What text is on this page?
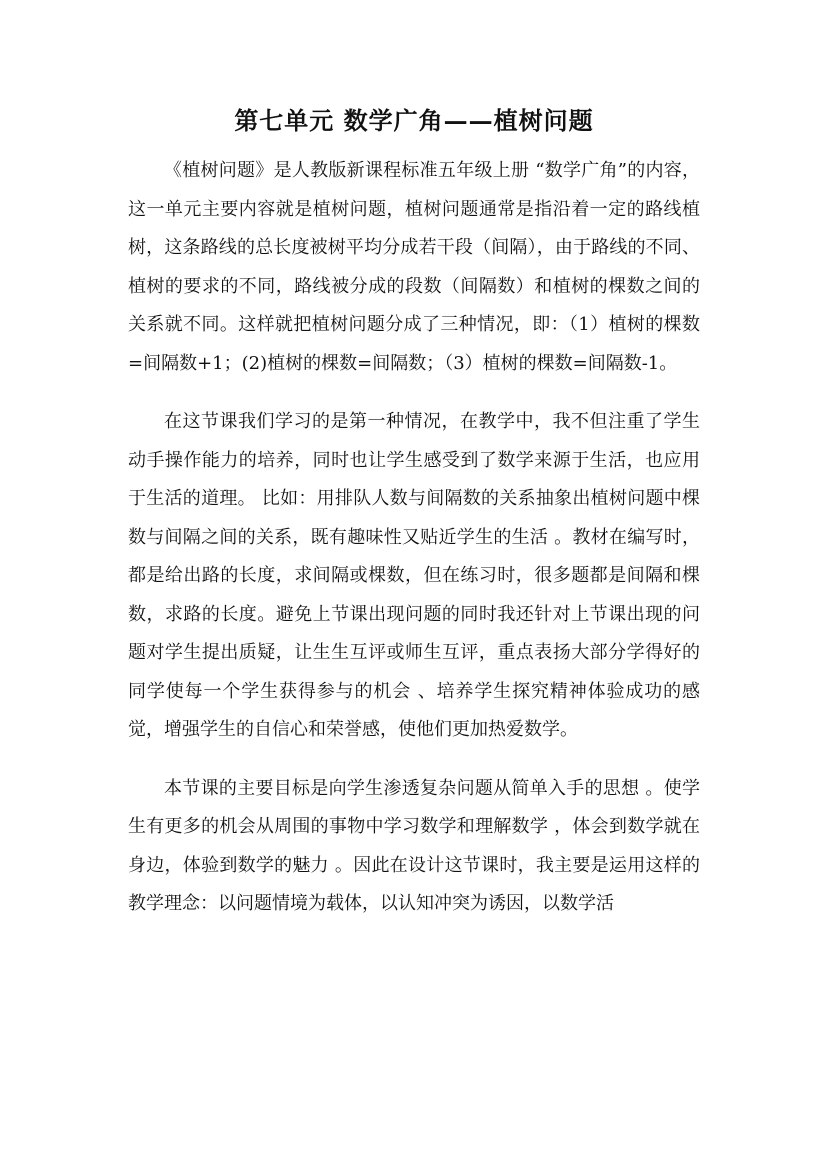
第七单元 数学广角——植树问题

《植树问题》是人教版新课程标准五年级上册 “数学广角”的内容，这一单元主要内容就是植树问题，植树问题通常是指沿着一定的路线植树，这条路线的总长度被树平均分成若干段（间隔），由于路线的不同、植树的要求的不同，路线被分成的段数（间隔数）和植树的棵数之间的关系就不同。这样就把植树问题分成了三种情况，即：（1）植树的棵数=间隔数+1；(2)植树的棵数=间隔数；（3）植树的棵数=间隔数-1。

在这节课我们学习的是第一种情况，在教学中，我不但注重了学生动手操作能力的培养，同时也让学生感受到了数学来源于生活，也应用于生活的道理。 比如：用排队人数与间隔数的关系抽象出植树问题中棵数与间隔之间的关系，既有趣味性又贴近学生的生活 。教材在编写时，都是给出路的长度，求间隔或棵数，但在练习时，很多题都是间隔和棵数，求路的长度。避免上节课出现问题的同时我还针对上节课出现的问题对学生提出质疑，让生生互评或师生互评，重点表扬大部分学得好的同学使每一个学生获得参与的机会 、培养学生探究精神体验成功的感觉，增强学生的自信心和荣誉感，使他们更加热爱数学。

本节课的主要目标是向学生渗透复杂问题从简单入手的思想 。使学生有更多的机会从周围的事物中学习数学和理解数学 ，体会到数学就在身边，体验到数学的魅力 。因此在设计这节课时，我主要是运用这样的教学理念：以问题情境为载体，以认知冲突为诱因，以数学活
